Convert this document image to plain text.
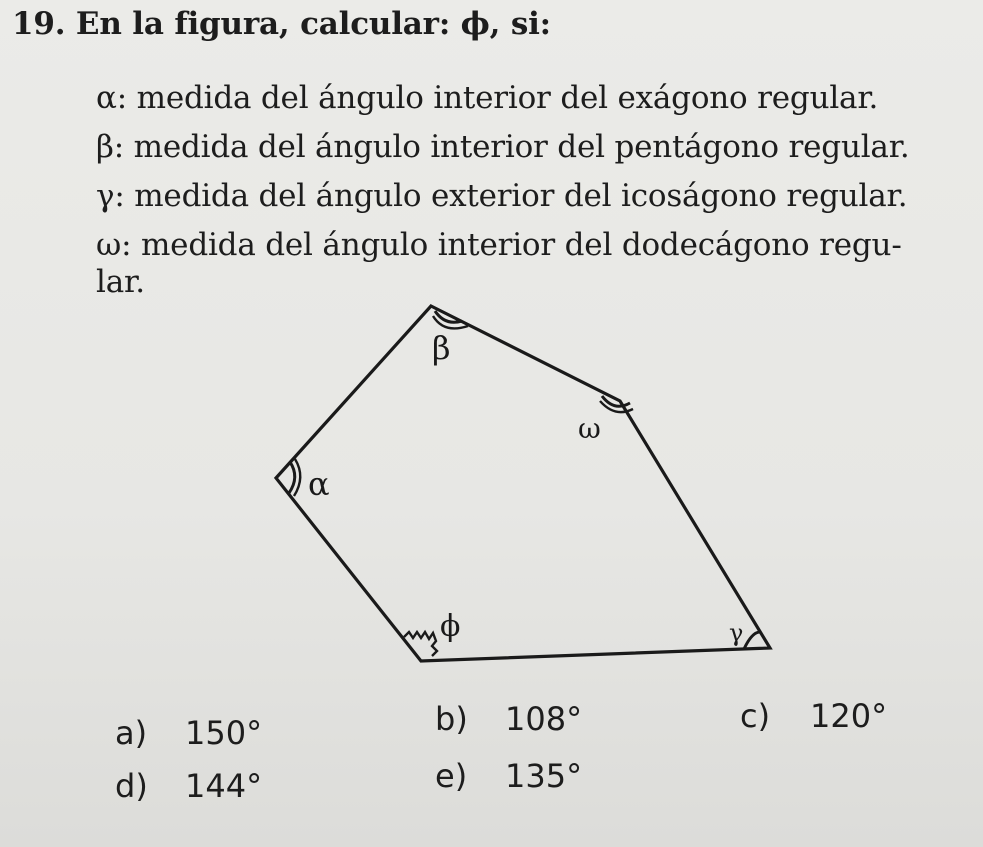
19. En la figura, calcular: ϕ, si:
α: medida del ángulo interior del exágono regular.
β: medida del ángulo interior del pentágono regular.
γ: medida del ángulo exterior del icoságono regular.
ω: medida del ángulo interior del dodecágono regu-
lar.
β
ω
α
ϕ	γ
a) 150°	b) 108°	c) 120°
d) 144°	e) 135°
